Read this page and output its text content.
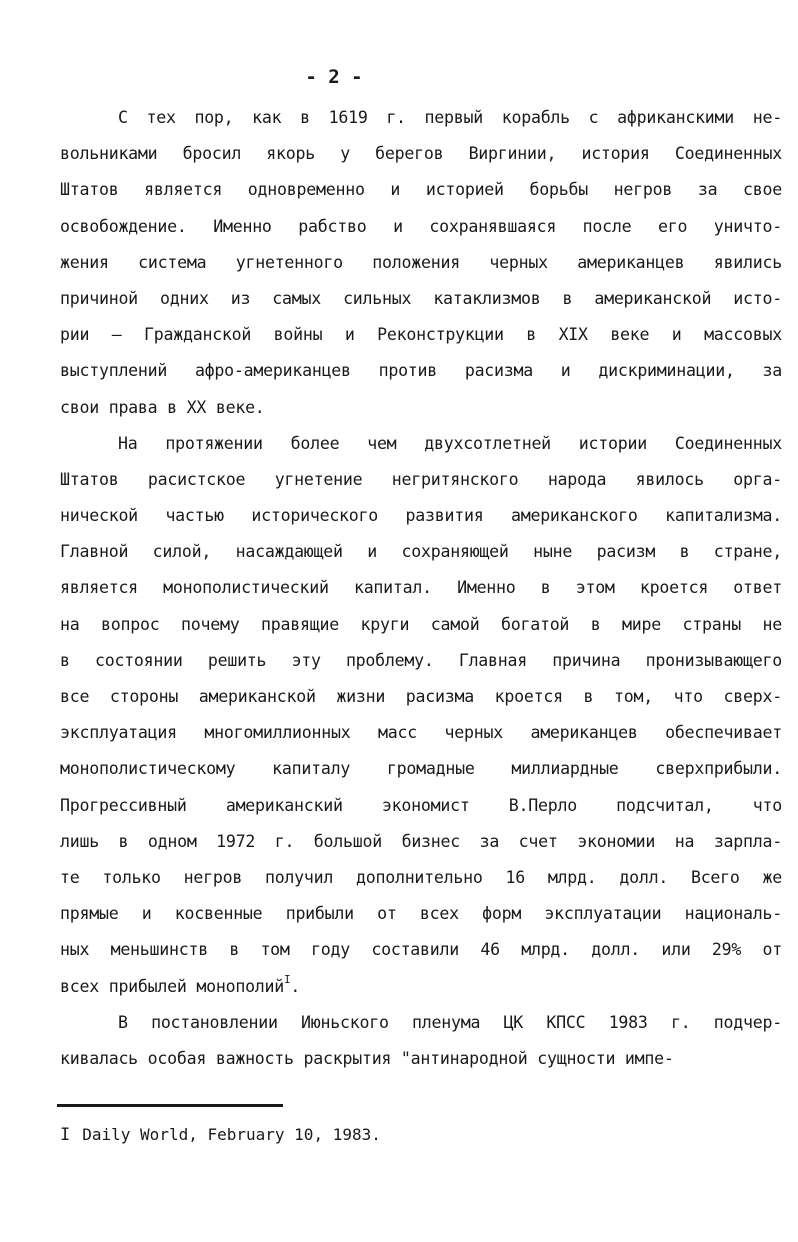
- 2 -
С тех пор, как в 1619 г. первый корабль с африканскими не-
вольниками бросил якорь у берегов Виргинии, история Соединенных
Штатов является одновременно и историей борьбы негров за свое
освобождение. Именно рабство и сохранявшаяся после его уничто-
жения система угнетенного положения черных американцев явились
причиной одних из самых сильных катаклизмов в американской исто-
рии – Гражданской войны и Реконструкции в XIX веке и массовых
выступлений афро-американцев против расизма и дискриминации, за
свои права в XX веке.
На протяжении более чем двухсотлетней истории Соединенных
Штатов расистское угнетение негритянского народа явилось орга-
нической частью исторического развития американского капитализма.
Главной силой, насаждающей и сохраняющей ныне расизм в стране,
является монополистический капитал. Именно в этом кроется ответ
на вопрос почему правящие круги самой богатой в мире страны не
в состоянии решить эту проблему. Главная причина пронизывающего
все стороны американской жизни расизма кроется в том, что сверх-
эксплуатация многомиллионных масс черных американцев обеспечивает
монополистическому капиталу громадные миллиардные сверхприбыли.
Прогрессивный американский экономист В.Перло подсчитал, что
лишь в одном 1972 г. большой бизнес за счет экономии на зарпла-
те только негров получил дополнительно 16 млрд. долл. Всего же
прямые и косвенные прибыли от всех форм эксплуатации националь-
ных меньшинств в том году составили 46 млрд. долл. или 29% от
всех прибылей монополий$^I$.
В постановлении Июньского пленума ЦК КПСС 1983 г. подчер-
кивалась особая важность раскрытия "антинародной сущности импе-
I Daily World, February 10, 1983.
